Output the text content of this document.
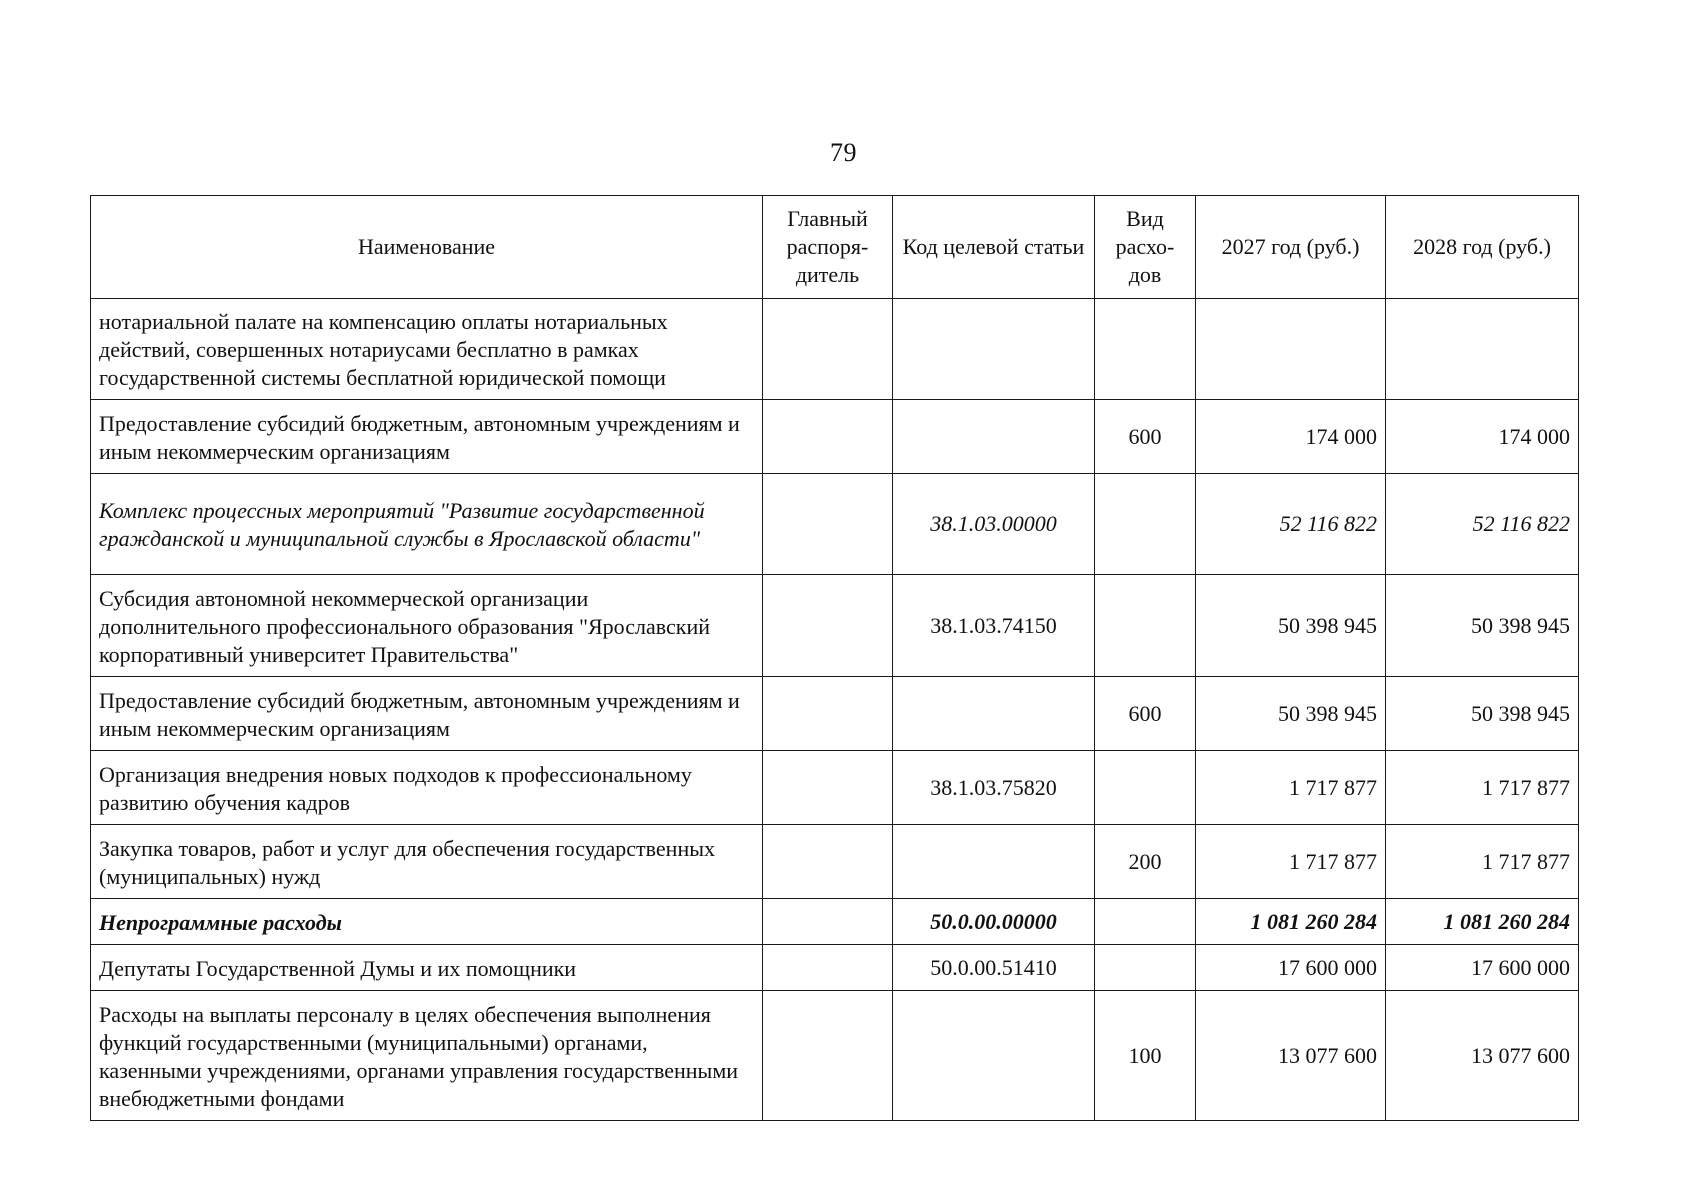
79
Наименование	Главный распоря-дитель	Код целевой статьи	Вид расхо-дов	2027 год (руб.)	2028 год (руб.)
нотариальной палате на компенсацию оплаты нотариальных действий, совершенных нотариусами бесплатно в рамках государственной системы бесплатной юридической помощи					
Предоставление субсидий бюджетным, автономным учреждениям и иным некоммерческим организациям			600	174 000	174 000
Комплекс процессных мероприятий "Развитие государственной гражданской и муниципальной службы в Ярославской области"		38.1.03.00000		52 116 822	52 116 822
Субсидия автономной некоммерческой организации дополнительного профессионального образования "Ярославский корпоративный университет Правительства"		38.1.03.74150		50 398 945	50 398 945
Предоставление субсидий бюджетным, автономным учреждениям и иным некоммерческим организациям			600	50 398 945	50 398 945
Организация внедрения новых подходов к профессиональному развитию обучения кадров		38.1.03.75820		1 717 877	1 717 877
Закупка товаров, работ и услуг для обеспечения государственных (муниципальных) нужд			200	1 717 877	1 717 877
Непрограммные расходы		50.0.00.00000		1 081 260 284	1 081 260 284
Депутаты Государственной Думы и их помощники		50.0.00.51410		17 600 000	17 600 000
Расходы на выплаты персоналу в целях обеспечения выполнения функций государственными (муниципальными) органами, казенными учреждениями, органами управления государственными внебюджетными фондами			100	13 077 600	13 077 600
